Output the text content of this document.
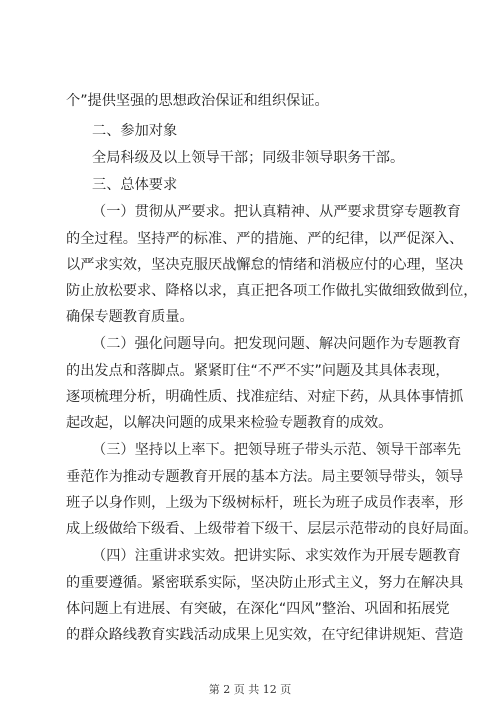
个”提供坚强的思想政治保证和组织保证。
二、参加对象
全局科级及以上领导干部；同级非领导职务干部。
三、总体要求
（一）贯彻从严要求。把认真精神、从严要求贯穿专题教育
的全过程。坚持严的标准、严的措施、严的纪律，以严促深入、
以严求实效，坚决克服厌战懈怠的情绪和消极应付的心理，坚决
防止放松要求、降格以求，真正把各项工作做扎实做细致做到位，
确保专题教育质量。
（二）强化问题导向。把发现问题、解决问题作为专题教育
的出发点和落脚点。紧紧盯住“不严不实”问题及其具体表现，
逐项梳理分析，明确性质、找准症结、对症下药，从具体事情抓
起改起，以解决问题的成果来检验专题教育的成效。
（三）坚持以上率下。把领导班子带头示范、领导干部率先
垂范作为推动专题教育开展的基本方法。局主要领导带头，领导
班子以身作则，上级为下级树标杆，班长为班子成员作表率，形
成上级做给下级看、上级带着下级干、层层示范带动的良好局面。
（四）注重讲求实效。把讲实际、求实效作为开展专题教育
的重要遵循。紧密联系实际，坚决防止形式主义，努力在解决具
体问题上有进展、有突破，在深化“四风”整治、巩固和拓展党
的群众路线教育实践活动成果上见实效，在守纪律讲规矩、营造
第 2 页 共 12 页
